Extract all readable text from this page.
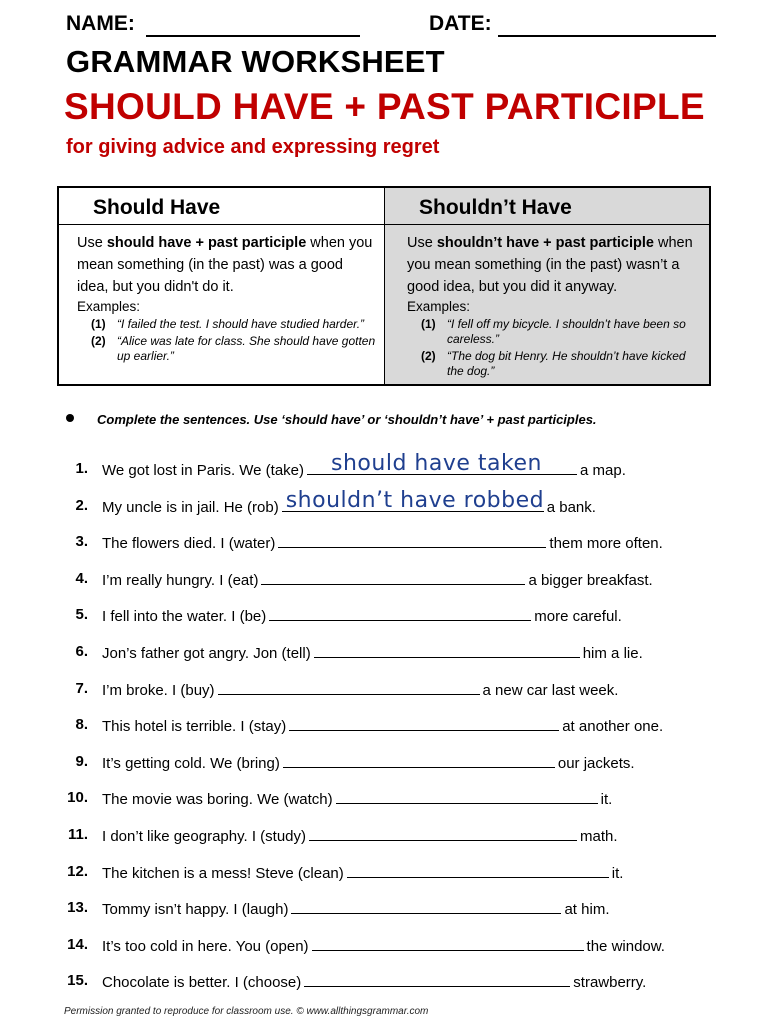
NAME:	DATE:
GRAMMAR WORKSHEET
SHOULD HAVE + PAST PARTICIPLE
for giving advice and expressing regret
Should Have
Use should have + past participle when you mean something (in the past) was a good idea, but you didn't do it.
Examples:
(1) “I failed the test. I should have studied harder.”
(2) “Alice was late for class. She should have gotten up earlier.”
Shouldn’t Have
Use shouldn’t have + past participle when you mean something (in the past) wasn’t a good idea, but you did it anyway.
Examples:
(1) “I fell off my bicycle. I shouldn’t have been so careless.”
(2) “The dog bit Henry. He shouldn’t have kicked the dog.”
Complete the sentences. Use ‘should have’ or ‘shouldn’t have’ + past participles.
1. We got lost in Paris. We (take) should have taken	a map.
2. My uncle is in jail. He (rob) shouldn’t have robbed a bank.
3. The flowers died. I (water)	them more often.
4. I’m really hungry. I (eat)	a bigger breakfast.
5. I fell into the water. I (be)	more careful.
6. Jon’s father got angry. Jon (tell)	him a lie.
7. I’m broke. I (buy)	a new car last week.
8. This hotel is terrible. I (stay)	at another one.
9. It’s getting cold. We (bring)	our jackets.
10. The movie was boring. We (watch)	it.
11. I don’t like geography. I (study)	math.
12. The kitchen is a mess! Steve (clean)	it.
13. Tommy isn’t happy. I (laugh)	at him.
14. It’s too cold in here. You (open)	the window.
15. Chocolate is better. I (choose)	strawberry.
Permission granted to reproduce for classroom use. © www.allthingsgrammar.com
